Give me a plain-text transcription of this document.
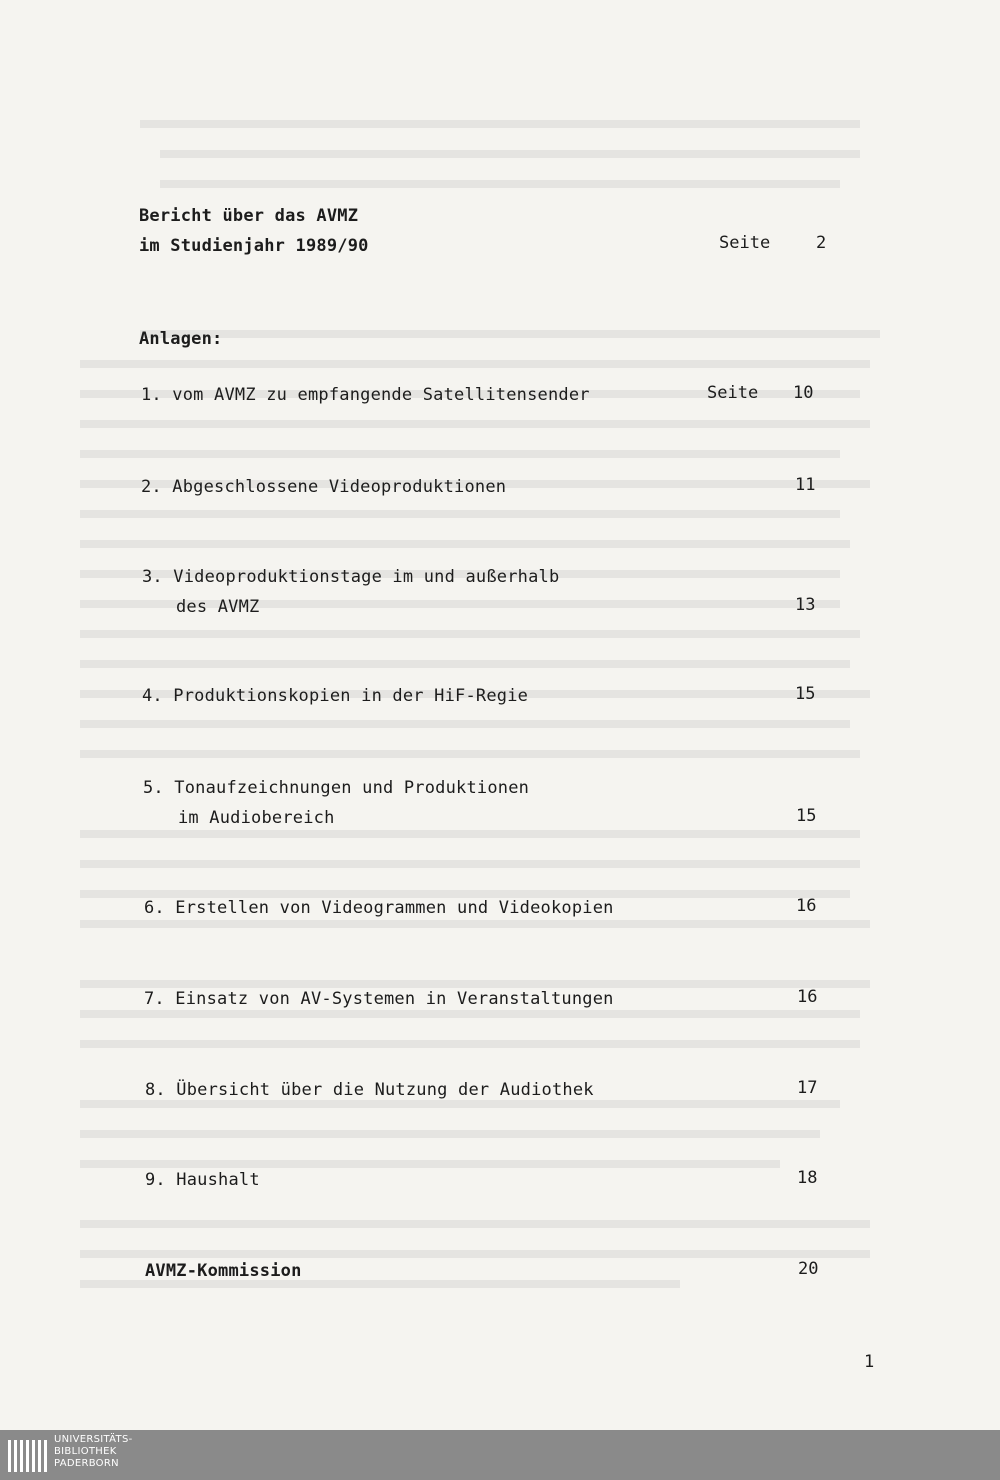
Bericht über das AVMZ
im Studienjahr 1989/90	Seite	2
Anlagen:
1. vom AVMZ zu empfangende Satellitensender	Seite 10
2. Abgeschlossene Videoproduktionen	11
3. Videoproduktionstage im und außerhalb
des AVMZ	13
4. Produktionskopien in der HiF-Regie	15
5. Tonaufzeichnungen und Produktionen
im Audiobereich	15
6. Erstellen von Videogrammen und Videokopien	16
7. Einsatz von AV-Systemen in Veranstaltungen	16
8. Übersicht über die Nutzung der Audiothek	17
9. Haushalt	18
AVMZ-Kommission	20
1
UNIVERSITÄTS-
BIBLIOTHEK
PADERBORN
